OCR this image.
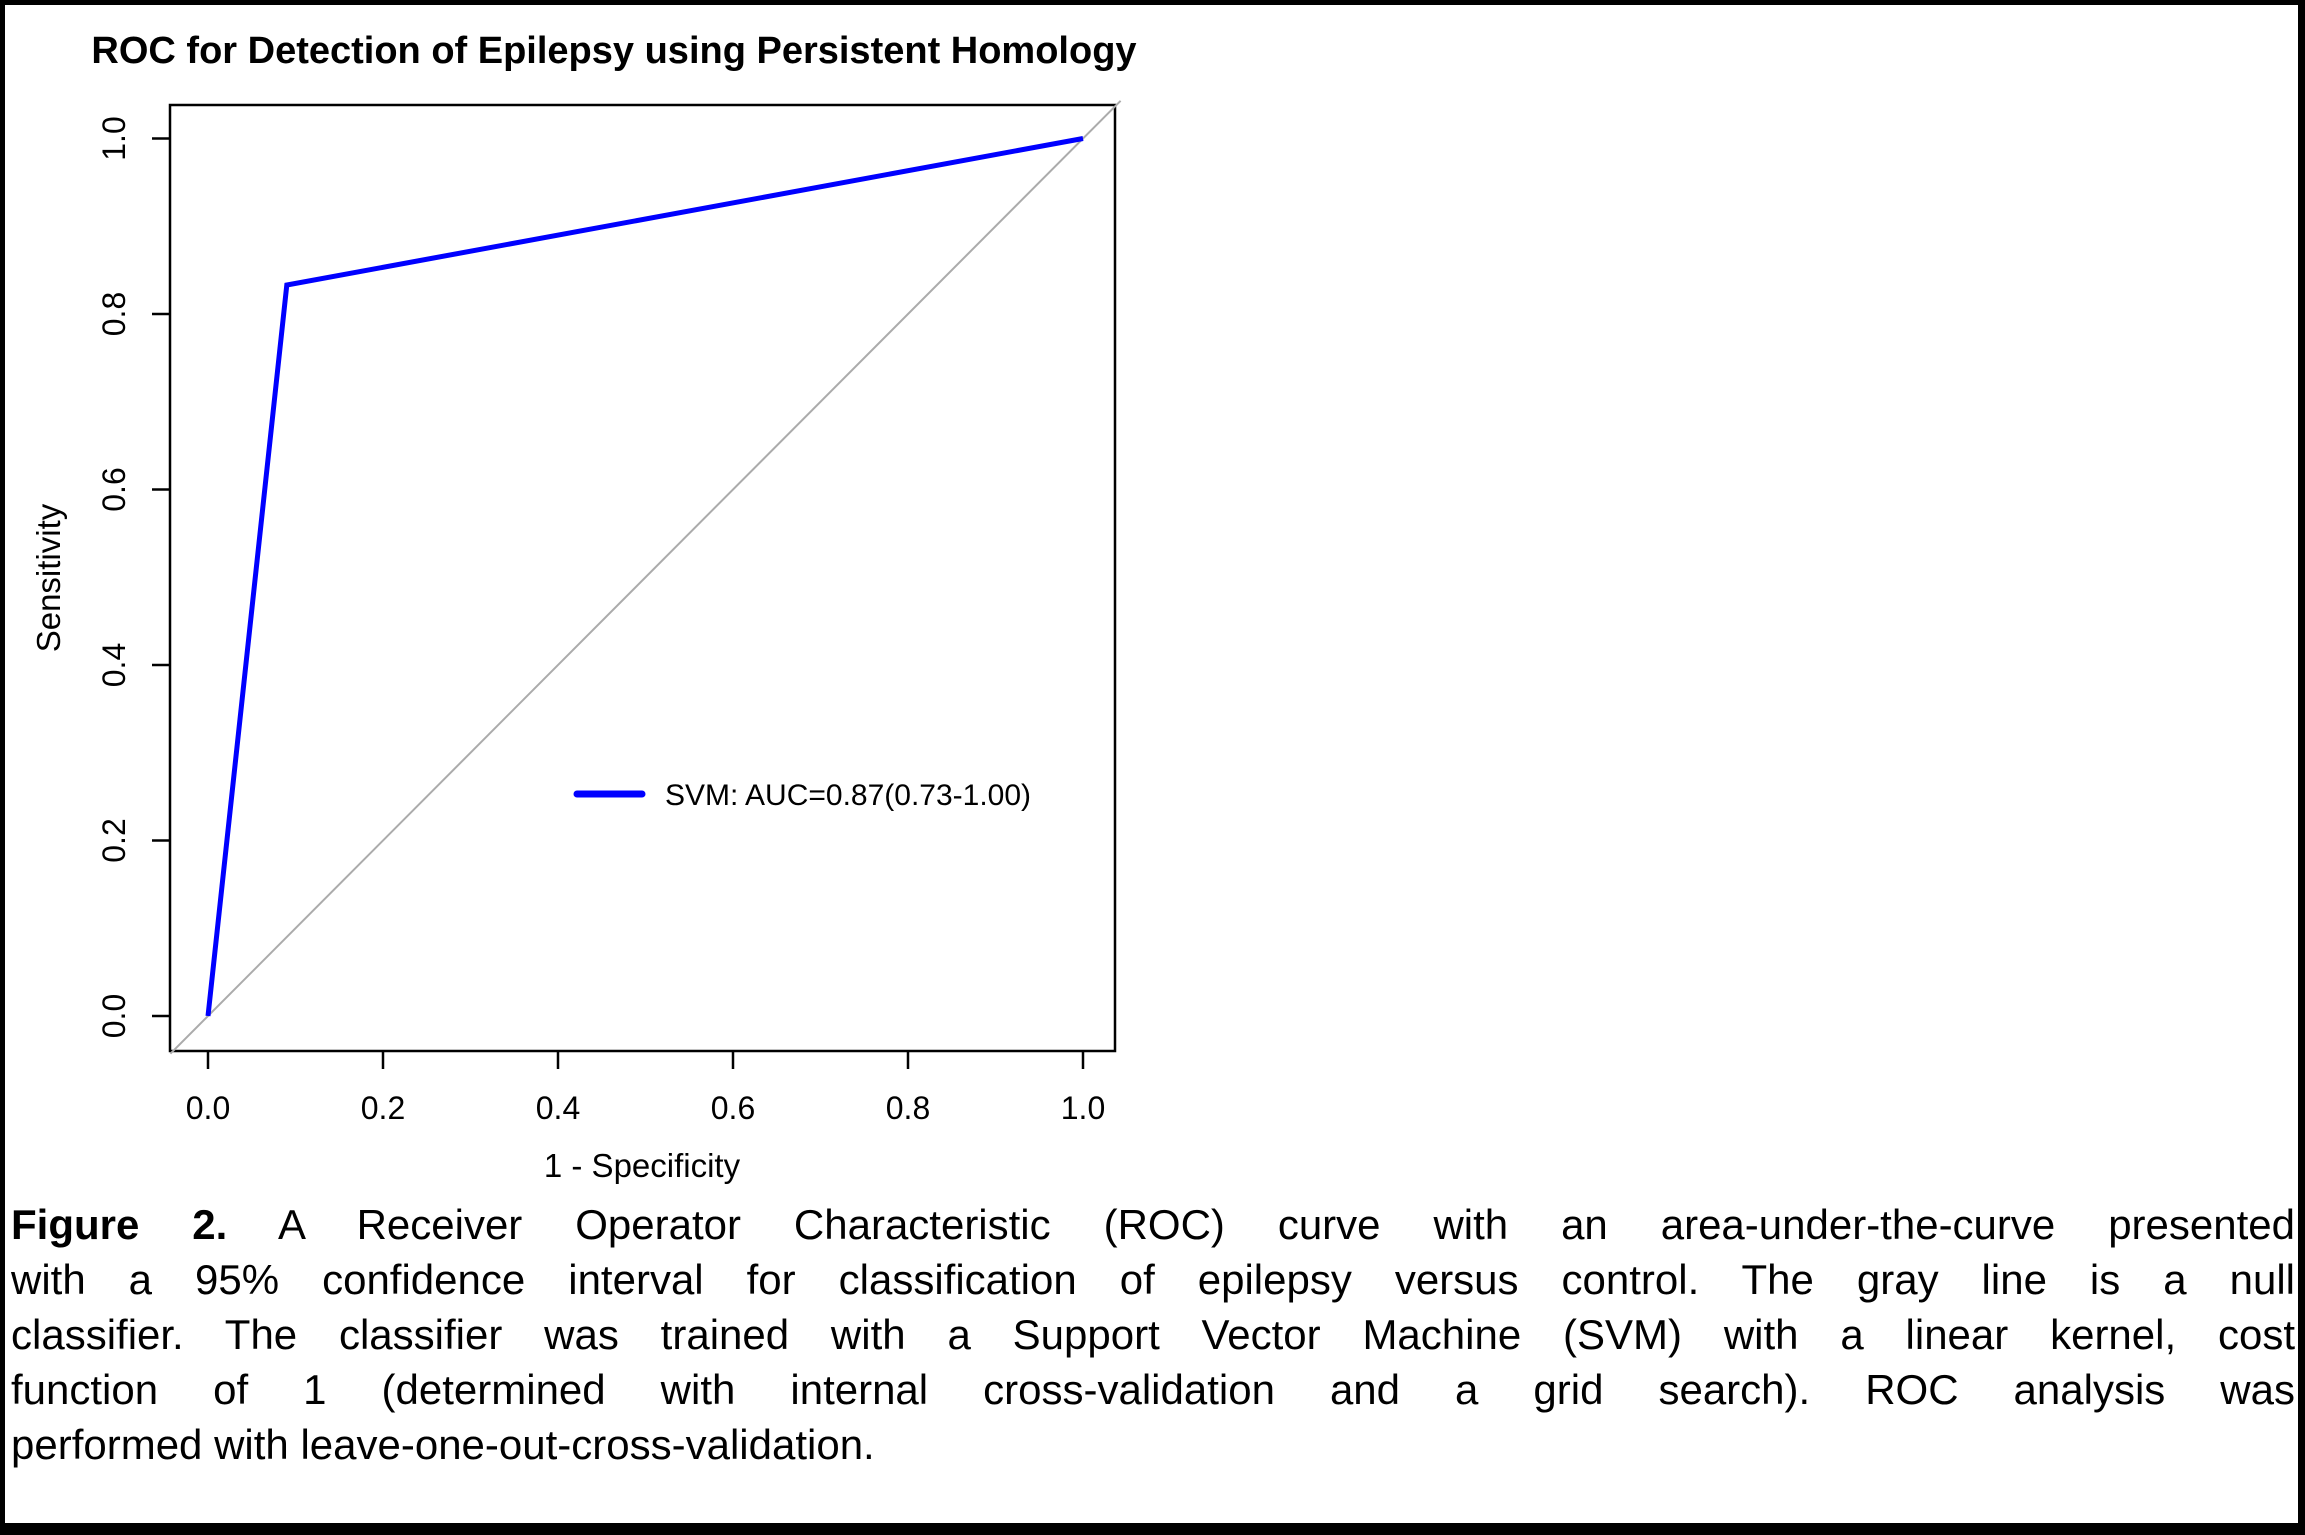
ROC for Detection of Epilepsy using Persistent Homology
0.0	0.2	0.4	0.6	0.8	1.0
0.0
0.2
0.4
0.6
0.8
1.0
1 - Specificity
Sensitivity
SVM: AUC=0.87(0.73-1.00)
Figure 2. A Receiver Operator Characteristic (ROC) curve with an area-under-the-curve presented
with a 95% confidence interval for classification of epilepsy versus control. The gray line is a null
classifier. The classifier was trained with a Support Vector Machine (SVM) with a linear kernel, cost
function of 1 (determined with internal cross-validation and a grid search). ROC analysis was
performed with leave-one-out-cross-validation.
